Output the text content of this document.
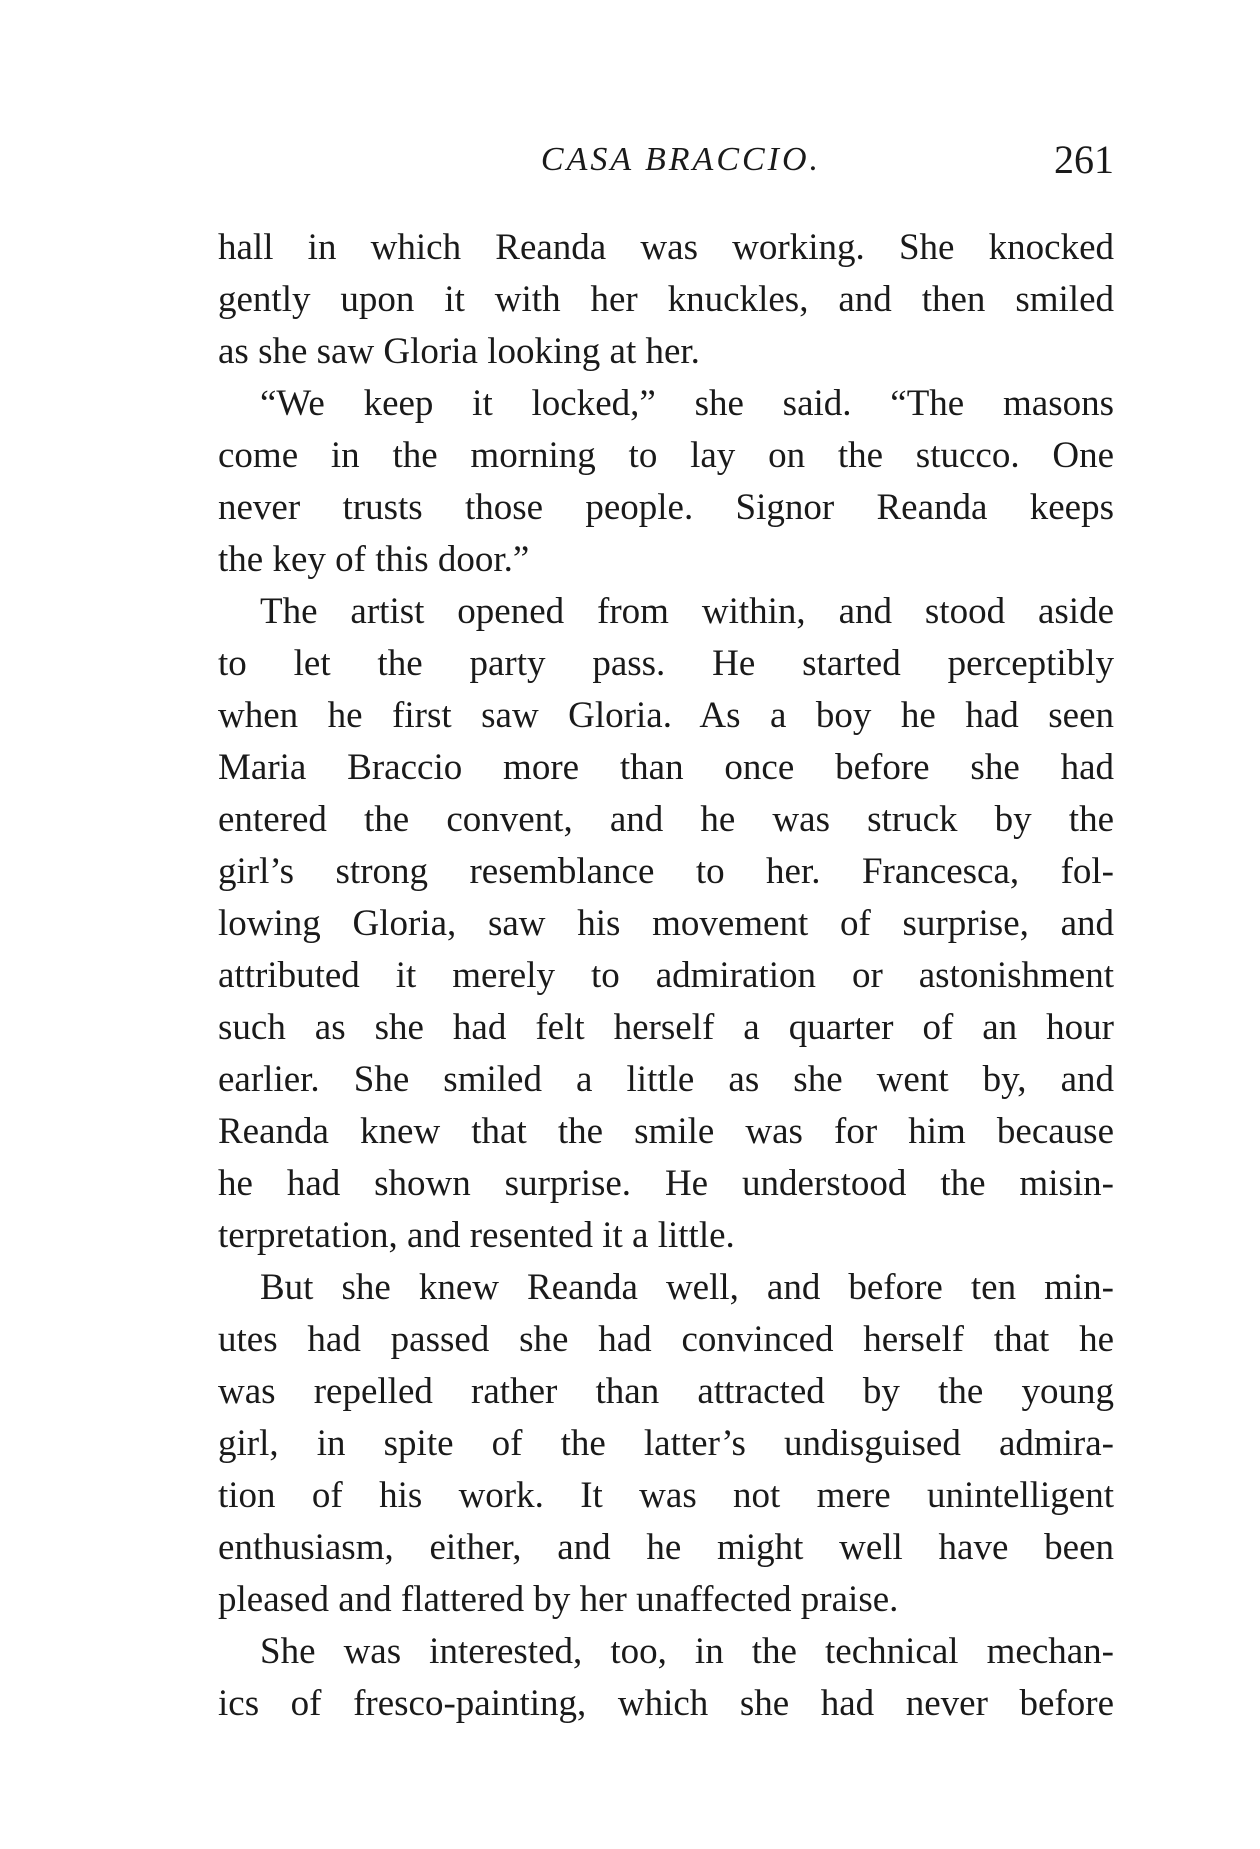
CASA BRACCIO.	261
hall in which Reanda was working. She knocked
gently upon it with her knuckles, and then smiled
as she saw Gloria looking at her.
“We keep it locked,” she said. “The masons
come in the morning to lay on the stucco. One
never trusts those people. Signor Reanda keeps
the key of this door.”
The artist opened from within, and stood aside
to let the party pass. He started perceptibly
when he first saw Gloria. As a boy he had seen
Maria Braccio more than once before she had
entered the convent, and he was struck by the
girl’s strong resemblance to her. Francesca, fol-
lowing Gloria, saw his movement of surprise, and
attributed it merely to admiration or astonishment
such as she had felt herself a quarter of an hour
earlier. She smiled a little as she went by, and
Reanda knew that the smile was for him because
he had shown surprise. He understood the misin-
terpretation, and resented it a little.
But she knew Reanda well, and before ten min-
utes had passed she had convinced herself that he
was repelled rather than attracted by the young
girl, in spite of the latter’s undisguised admira-
tion of his work. It was not mere unintelligent
enthusiasm, either, and he might well have been
pleased and flattered by her unaffected praise.
She was interested, too, in the technical mechan-
ics of fresco-painting, which she had never before
